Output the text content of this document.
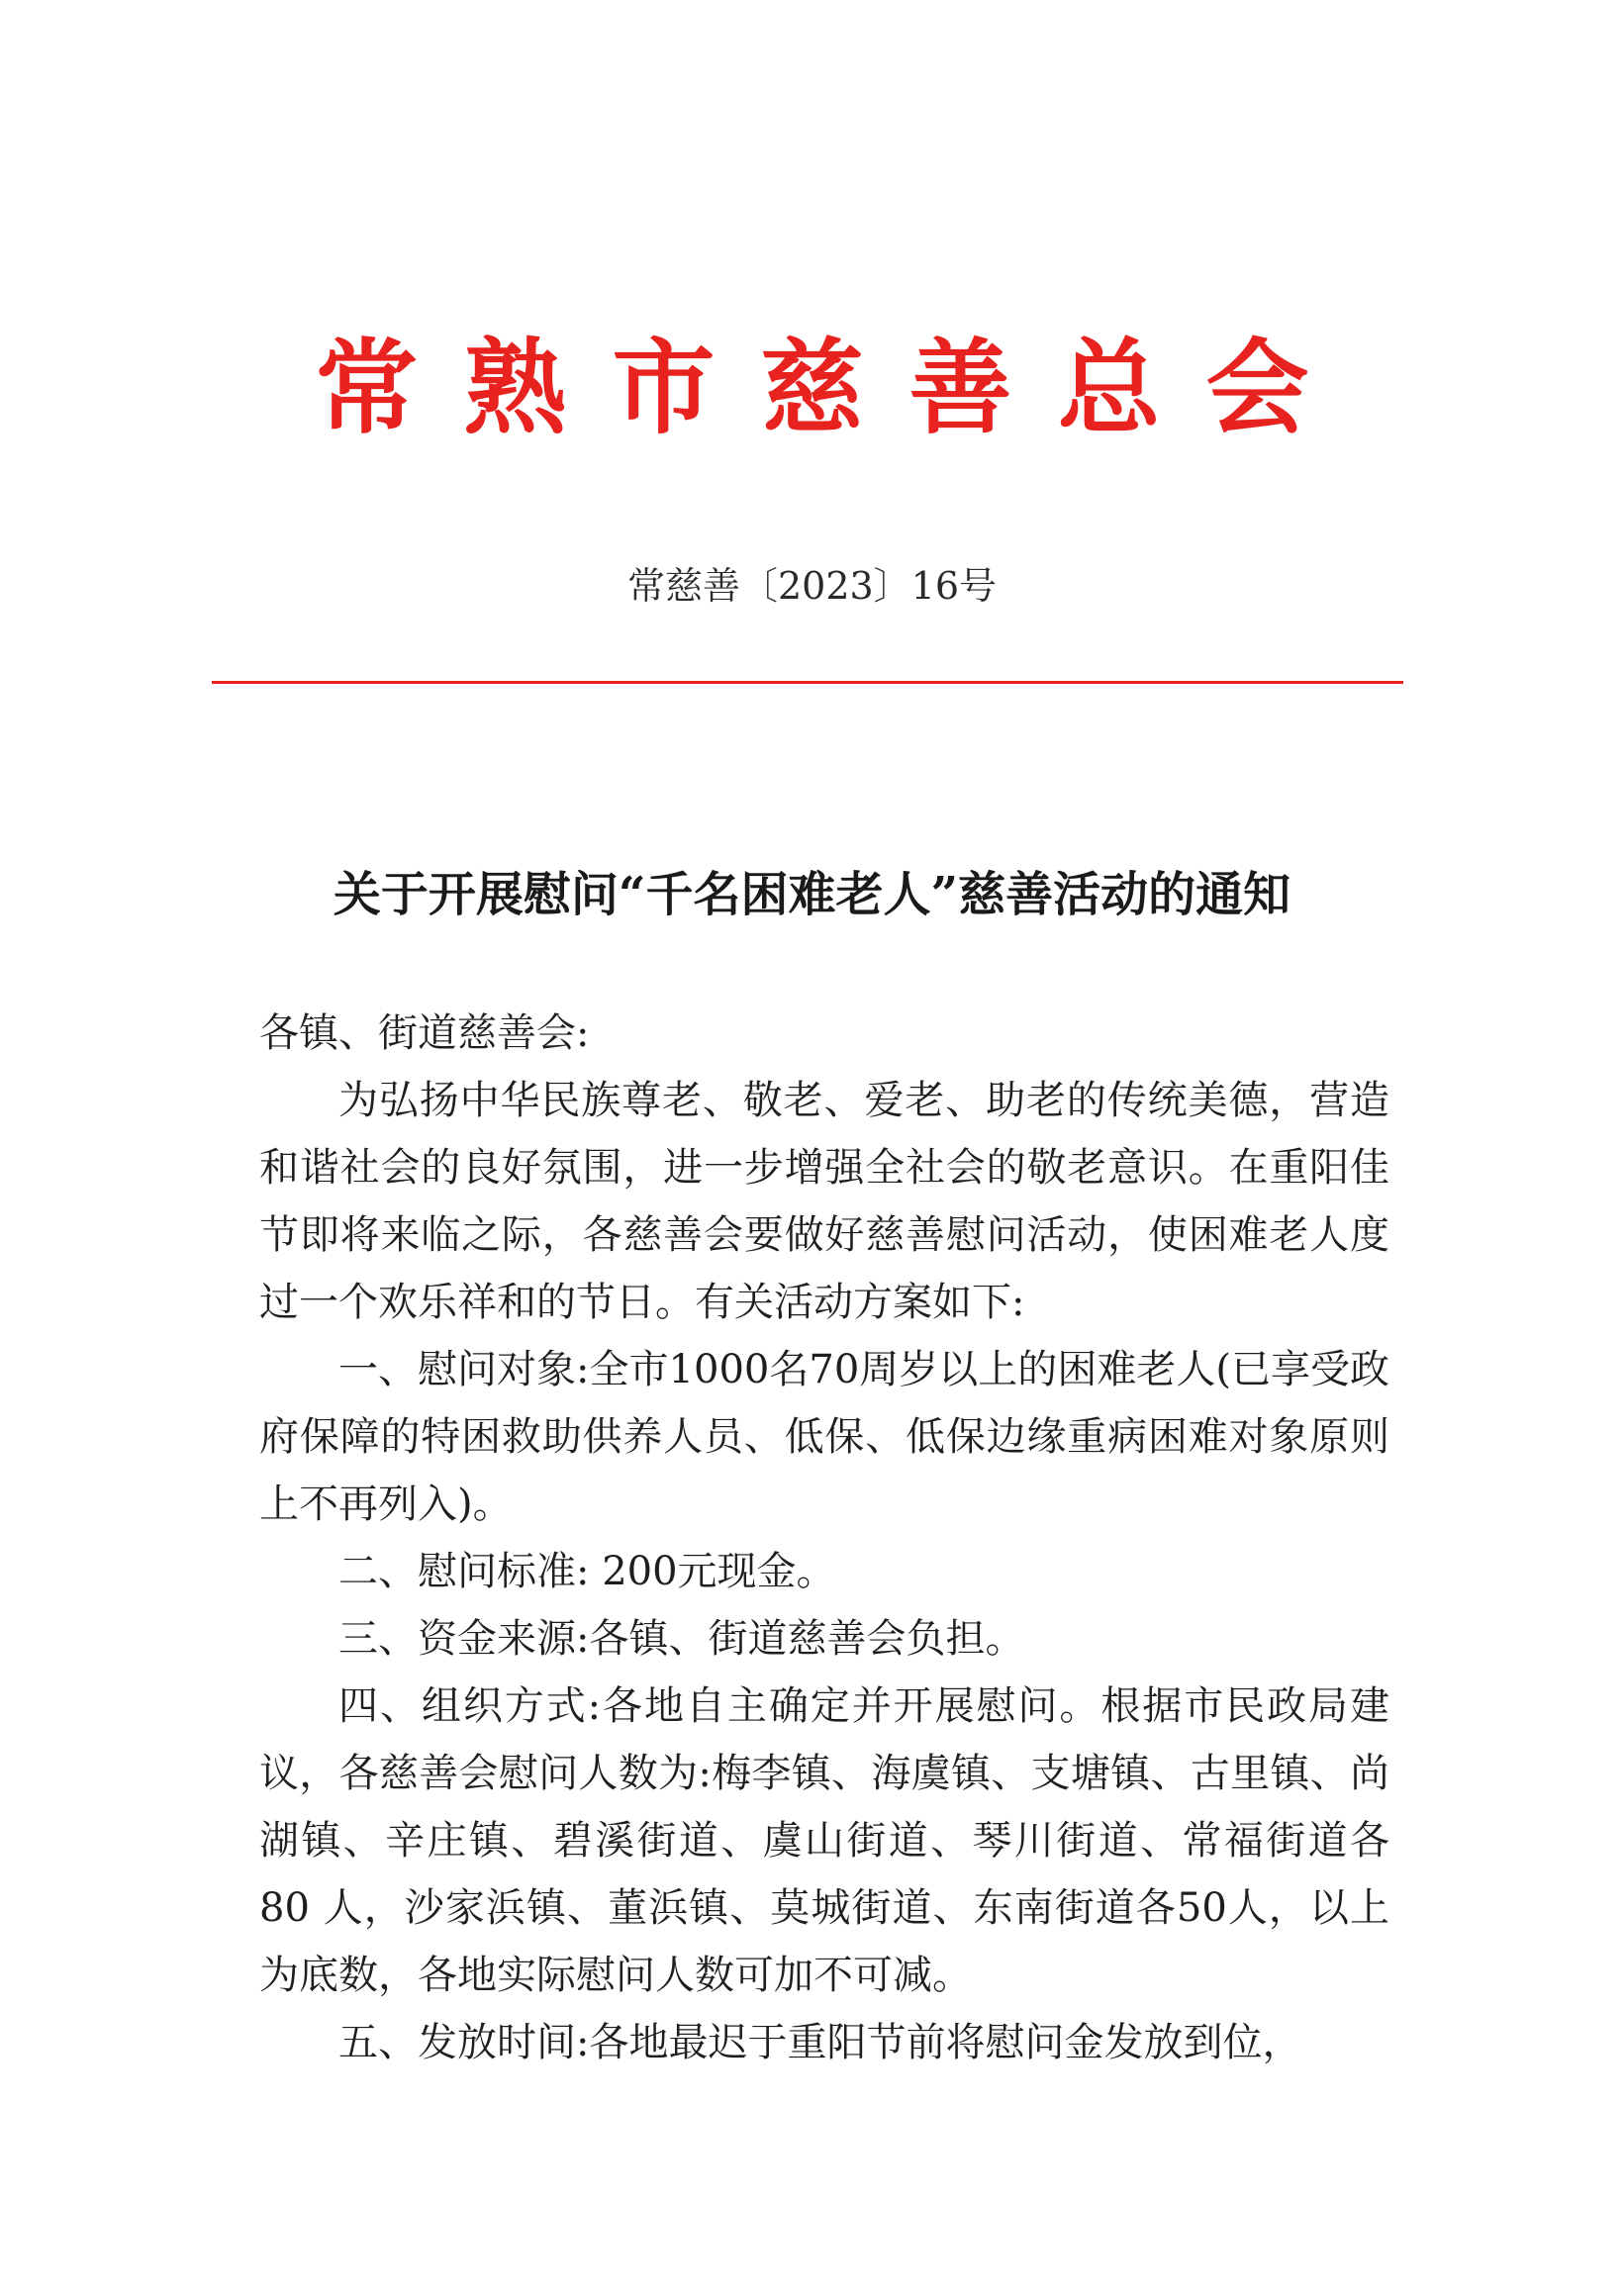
常熟市慈善总会
常慈善〔2023〕16号
关于开展慰问“千名困难老人”慈善活动的通知

各镇、街道慈善会:

为弘扬中华民族尊老、敬老、爱老、助老的传统美德，营造和谐社会的良好氛围，进一步增强全社会的敬老意识。在重阳佳节即将来临之际，各慈善会要做好慈善慰问活动，使困难老人度过一个欢乐祥和的节日。有关活动方案如下:

一、慰问对象:全市1000名70周岁以上的困难老人(已享受政府保障的特困救助供养人员、低保、低保边缘重病困难对象原则上不再列入)。

二、慰问标准: 200元现金。

三、资金来源:各镇、街道慈善会负担。

四、组织方式:各地自主确定并开展慰问。根据市民政局建议，各慈善会慰问人数为:梅李镇、海虞镇、支塘镇、古里镇、尚湖镇、辛庄镇、碧溪街道、虞山街道、琴川街道、常福街道各 80 人，沙家浜镇、董浜镇、莫城街道、东南街道各50人，以上为底数，各地实际慰问人数可加不可减。

五、发放时间:各地最迟于重阳节前将慰问金发放到位，
